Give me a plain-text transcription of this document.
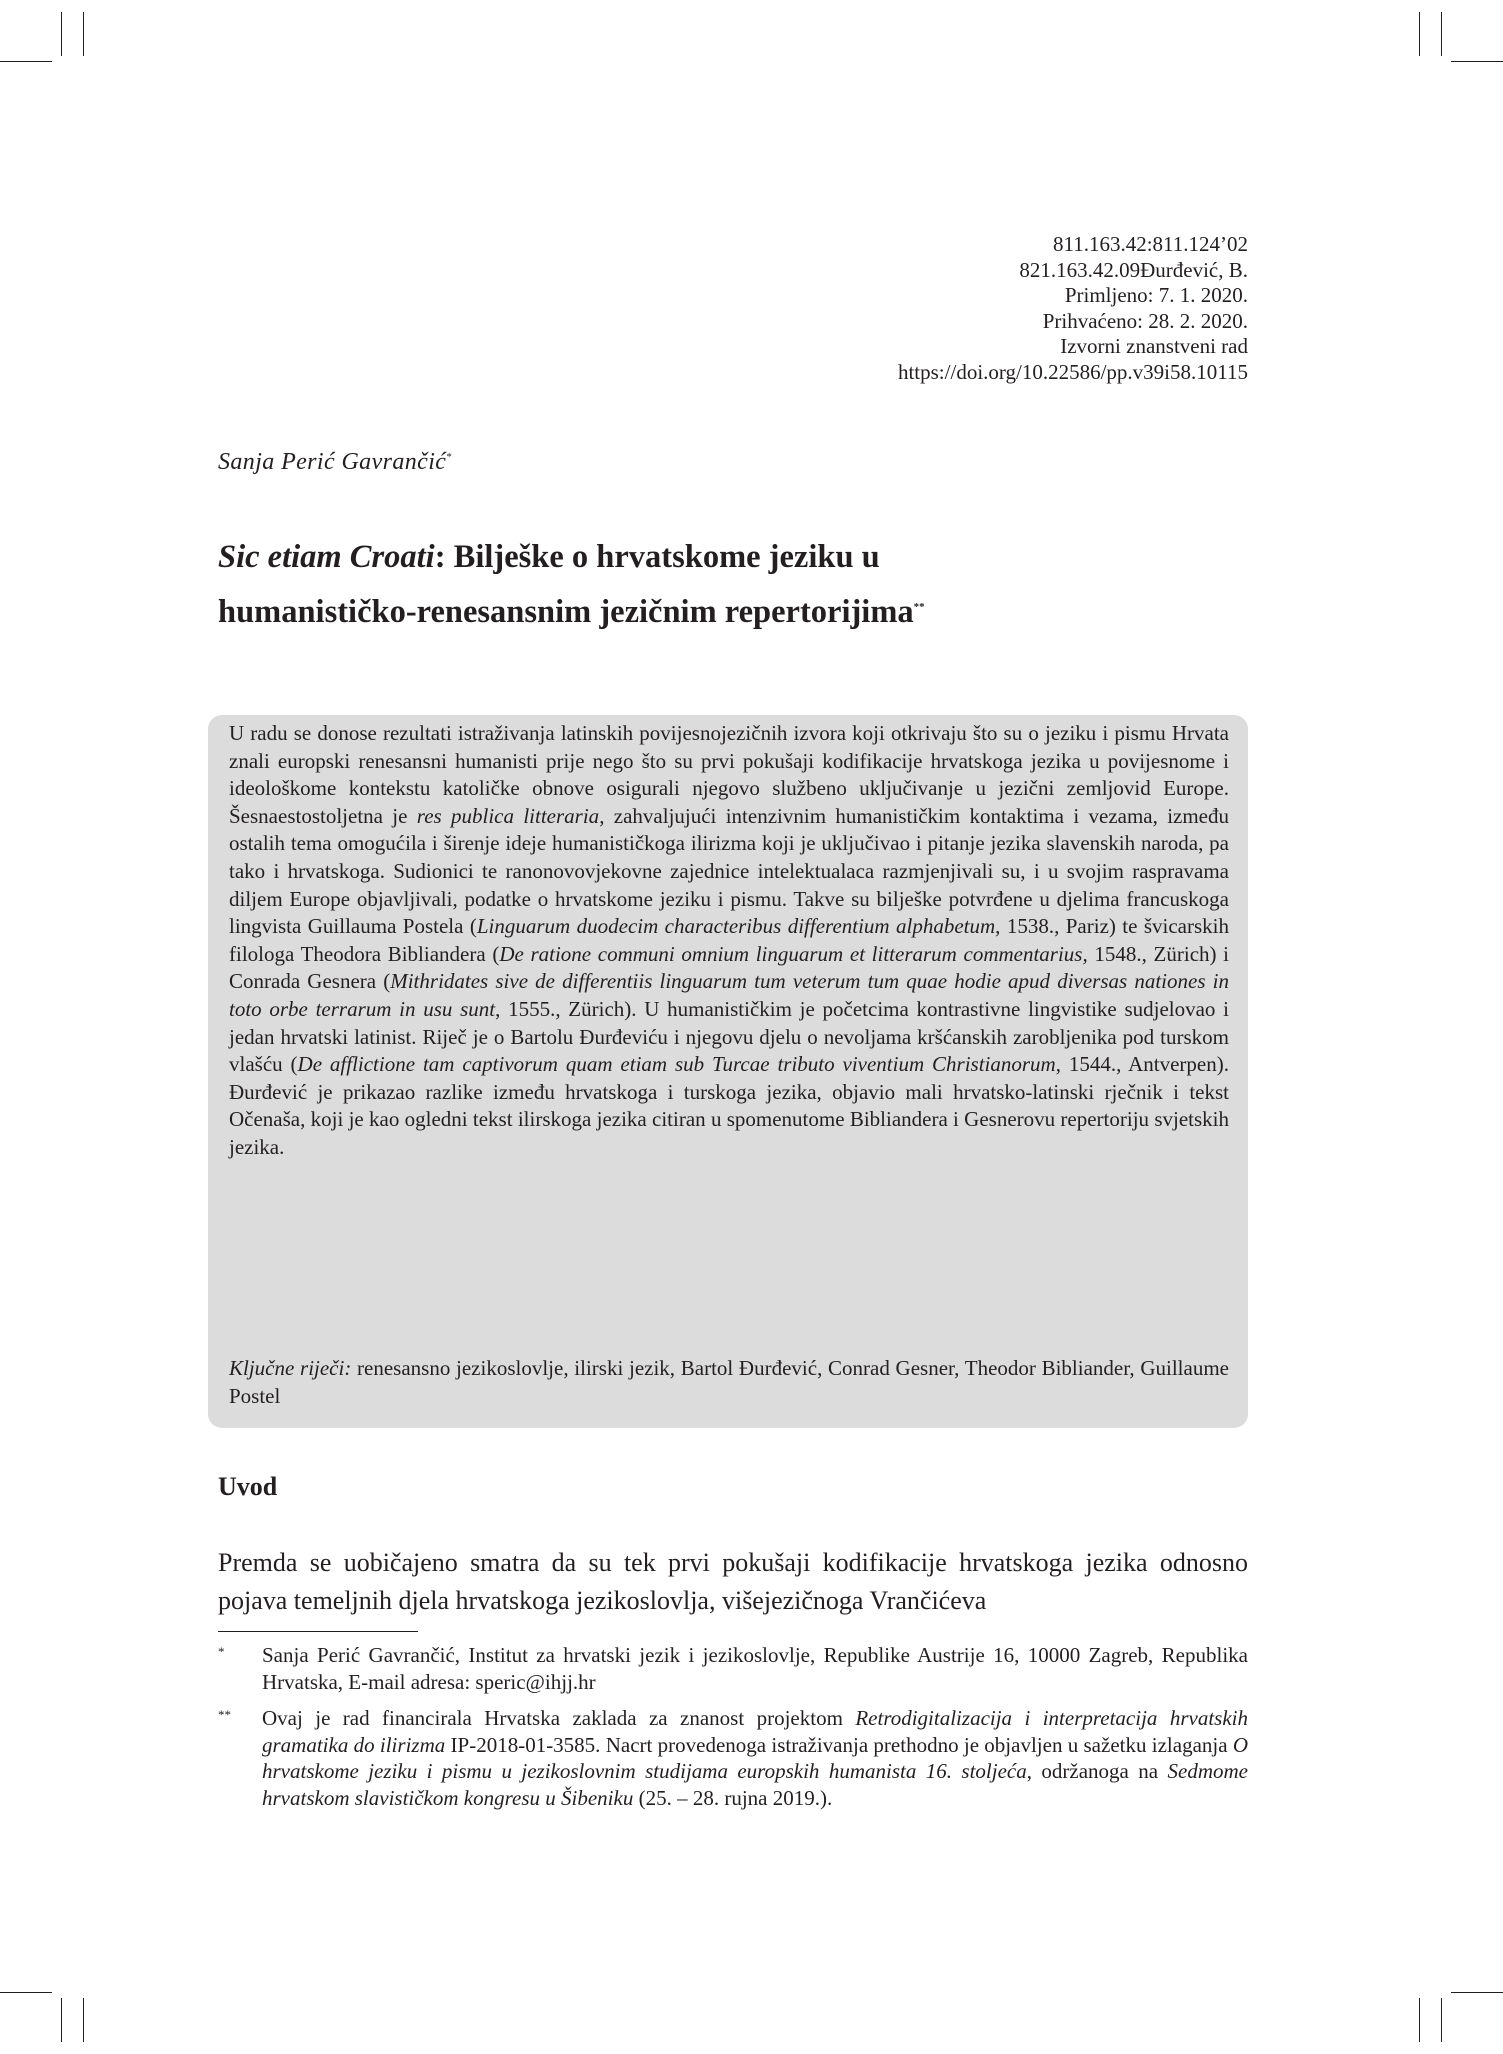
811.163.42:811.124’02
821.163.42.09Đurđević, B.
Primljeno: 7. 1. 2020.
Prihvaćeno: 28. 2. 2020.
Izvorni znanstveni rad
https://doi.org/10.22586/pp.v39i58.10115
Sanja Perić Gavrančić*
Sic etiam Croati: Bilješke o hrvatskome jeziku u
humanističko-renesansnim jezičnim repertorijima**
U radu se donose rezultati istraživanja latinskih povijesnojezičnih izvora koji otkrivaju što su o jeziku i pismu Hrvata znali europski renesansni humanisti prije nego što su prvi pokušaji kodifikacije hrvatskoga jezika u povijesnome i ideološkome kontekstu katoličke obnove osigurali njegovo službeno uključivanje u jezični zemljovid Europe. Šesnaestostoljetna je res publica litteraria, zahvaljujući intenzivnim humanističkim kontaktima i vezama, između ostalih tema omogućila i širenje ideje humanističkoga ilirizma koji je uključivao i pitanje jezika slavenskih naroda, pa tako i hrvatskoga. Sudionici te ranonovovjekovne zajednice intelektualaca razmjenjivali su, i u svojim raspravama diljem Europe objavljivali, podatke o hrvatskome jeziku i pismu. Takve su bilješke potvrđene u djelima francuskoga lingvista Guillauma Postela (Linguarum duodecim characteribus differentium alphabetum, 1538., Pariz) te švicarskih filologa Theodora Bibliandera (De ratione communi omnium linguarum et litterarum commentarius, 1548., Zürich) i Conrada Gesnera (Mithridates sive de differentiis linguarum tum veterum tum quae hodie apud diversas nationes in toto orbe terrarum in usu sunt, 1555., Zürich). U humanističkim je početcima kontrastivne lingvistike sudjelovao i jedan hrvatski latinist. Riječ je o Bartolu Đurđeviću i njegovu djelu o nevoljama kršćanskih zarobljenika pod turskom vlašću (De afflictione tam captivorum quam etiam sub Turcae tributo viventium Christianorum, 1544., Antverpen). Đurđević je prikazao razlike između hrvatskoga i turskoga jezika, objavio mali hrvatsko-latinski rječnik i tekst Očenaša, koji je kao ogledni tekst ilirskoga jezika citiran u spomenutome Bibliandera i Gesnerovu repertoriju svjetskih jezika.
Ključne riječi: renesansno jezikoslovlje, ilirski jezik, Bartol Đurđević, Conrad Gesner, Theodor Bibliander, Guillaume Postel
Uvod
Premda se uobičajeno smatra da su tek prvi pokušaji kodifikacije hrvatskoga jezika odnosno pojava temeljnih djela hrvatskoga jezikoslovlja, višejezičnoga Vrančićeva
* Sanja Perić Gavrančić, Institut za hrvatski jezik i jezikoslovlje, Republike Austrije 16, 10000 Zagreb, Republika Hrvatska, E-mail adresa: speric@ihjj.hr
** Ovaj je rad financirala Hrvatska zaklada za znanost projektom Retrodigitalizacija i interpretacija hrvatskih gramatika do ilirizma IP-2018-01-3585. Nacrt provedenoga istraživanja prethodno je objavljen u sažetku izlaganja O hrvatskome jeziku i pismu u jezikoslovnim studijama europskih humanista 16. stoljeća, održanoga na Sedmome hrvatskom slavističkom kongresu u Šibeniku (25. – 28. rujna 2019.).
